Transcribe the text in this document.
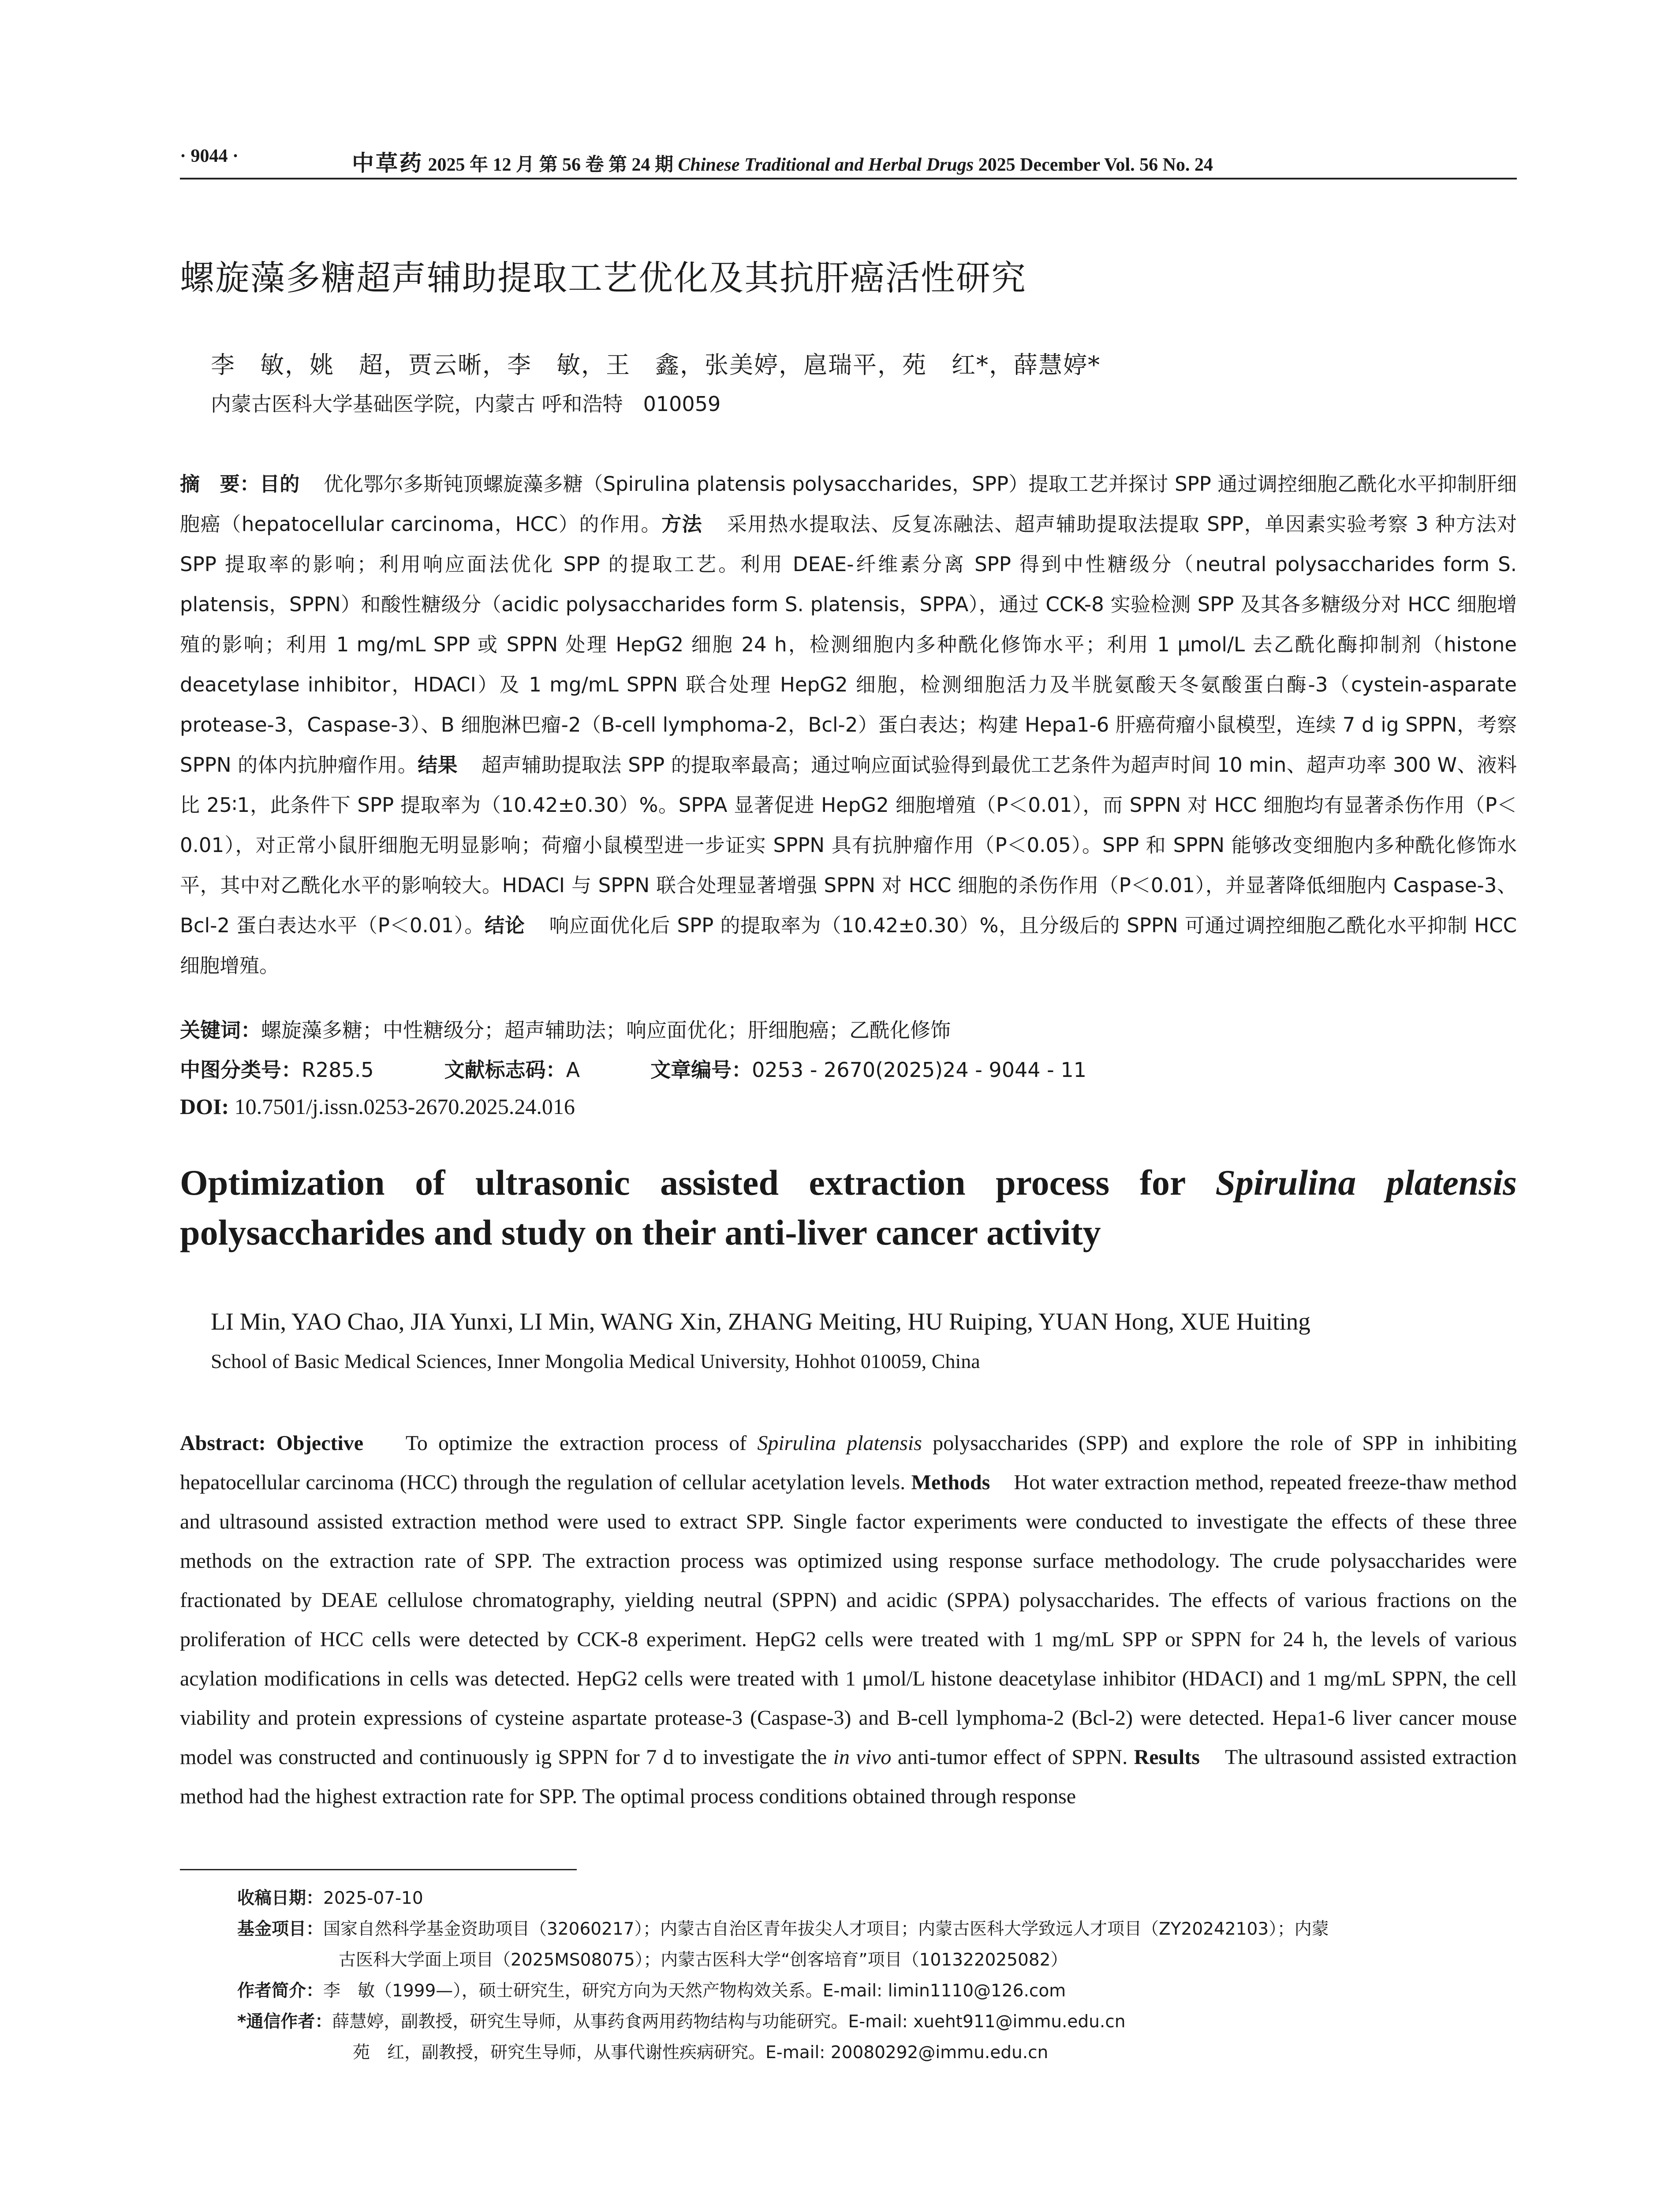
· 9044 ·	中草药 2025 年 12 月 第 56 卷 第 24 期 Chinese Traditional and Herbal Drugs 2025 December Vol. 56 No. 24
螺旋藻多糖超声辅助提取工艺优化及其抗肝癌活性研究
李　敏，姚　超，贾云晰，李　敏，王　鑫，张美婷，扈瑞平，苑　红*，薛慧婷*
内蒙古医科大学基础医学院，内蒙古 呼和浩特　010059
摘　要：目的 优化鄂尔多斯钝顶螺旋藻多糖（Spirulina platensis polysaccharides，SPP）提取工艺并探讨 SPP 通过调控细胞乙酰化水平抑制肝细胞癌（hepatocellular carcinoma，HCC）的作用。方法 采用热水提取法、反复冻融法、超声辅助提取法提取 SPP，单因素实验考察 3 种方法对 SPP 提取率的影响；利用响应面法优化 SPP 的提取工艺。利用 DEAE-纤维素分离 SPP 得到中性糖级分（neutral polysaccharides form S. platensis，SPPN）和酸性糖级分（acidic polysaccharides form S. platensis，SPPA），通过 CCK-8 实验检测 SPP 及其各多糖级分对 HCC 细胞增殖的影响；利用 1 mg/mL SPP 或 SPPN 处理 HepG2 细胞 24 h，检测细胞内多种酰化修饰水平；利用 1 μmol/L 去乙酰化酶抑制剂（histone deacetylase inhibitor，HDACI）及 1 mg/mL SPPN 联合处理 HepG2 细胞，检测细胞活力及半胱氨酸天冬氨酸蛋白酶-3（cystein-asparate protease-3，Caspase-3）、B 细胞淋巴瘤-2（B-cell lymphoma-2，Bcl-2）蛋白表达；构建 Hepa1-6 肝癌荷瘤小鼠模型，连续 7 d ig SPPN，考察 SPPN 的体内抗肿瘤作用。结果 超声辅助提取法 SPP 的提取率最高；通过响应面试验得到最优工艺条件为超声时间 10 min、超声功率 300 W、液料比 25∶1，此条件下 SPP 提取率为（10.42±0.30）%。SPPA 显著促进 HepG2 细胞增殖（P＜0.01），而 SPPN 对 HCC 细胞均有显著杀伤作用（P＜0.01），对正常小鼠肝细胞无明显影响；荷瘤小鼠模型进一步证实 SPPN 具有抗肿瘤作用（P＜0.05）。SPP 和 SPPN 能够改变细胞内多种酰化修饰水平，其中对乙酰化水平的影响较大。HDACI 与 SPPN 联合处理显著增强 SPPN 对 HCC 细胞的杀伤作用（P＜0.01），并显著降低细胞内 Caspase-3、Bcl-2 蛋白表达水平（P＜0.01）。结论 响应面优化后 SPP 的提取率为（10.42±0.30）%，且分级后的 SPPN 可通过调控细胞乙酰化水平抑制 HCC 细胞增殖。
关键词：螺旋藻多糖；中性糖级分；超声辅助法；响应面优化；肝细胞癌；乙酰化修饰
中图分类号：R285.5	文献标志码：A	文章编号：0253 - 2670(2025)24 - 9044 - 11
DOI: 10.7501/j.issn.0253-2670.2025.24.016
Optimization of ultrasonic assisted extraction process for Spirulina platensis polysaccharides and study on their anti-liver cancer activity
LI Min, YAO Chao, JIA Yunxi, LI Min, WANG Xin, ZHANG Meiting, HU Ruiping, YUAN Hong, XUE Huiting
School of Basic Medical Sciences, Inner Mongolia Medical University, Hohhot 010059, China
Abstract: Objective To optimize the extraction process of Spirulina platensis polysaccharides (SPP) and explore the role of SPP in inhibiting hepatocellular carcinoma (HCC) through the regulation of cellular acetylation levels. Methods Hot water extraction method, repeated freeze-thaw method and ultrasound assisted extraction method were used to extract SPP. Single factor experiments were conducted to investigate the effects of these three methods on the extraction rate of SPP. The extraction process was optimized using response surface methodology. The crude polysaccharides were fractionated by DEAE cellulose chromatography, yielding neutral (SPPN) and acidic (SPPA) polysaccharides. The effects of various fractions on the proliferation of HCC cells were detected by CCK-8 experiment. HepG2 cells were treated with 1 mg/mL SPP or SPPN for 24 h, the levels of various acylation modifications in cells was detected. HepG2 cells were treated with 1 μmol/L histone deacetylase inhibitor (HDACI) and 1 mg/mL SPPN, the cell viability and protein expressions of cysteine aspartate protease-3 (Caspase-3) and B-cell lymphoma-2 (Bcl-2) were detected. Hepa1-6 liver cancer mouse model was constructed and continuously ig SPPN for 7 d to investigate the in vivo anti-tumor effect of SPPN. Results The ultrasound assisted extraction method had the highest extraction rate for SPP. The optimal process conditions obtained through response
收稿日期：2025-07-10
基金项目：国家自然科学基金资助项目（32060217）；内蒙古自治区青年拔尖人才项目；内蒙古医科大学致远人才项目（ZY20242103）；内蒙
古医科大学面上项目（2025MS08075）；内蒙古医科大学“创客培育”项目（101322025082）
作者简介：李　敏（1999—），硕士研究生，研究方向为天然产物构效关系。E-mail: limin1110@126.com
*通信作者：薛慧婷，副教授，研究生导师，从事药食两用药物结构与功能研究。E-mail: xueht911@immu.edu.cn
苑　红，副教授，研究生导师，从事代谢性疾病研究。E-mail: 20080292@immu.edu.cn
